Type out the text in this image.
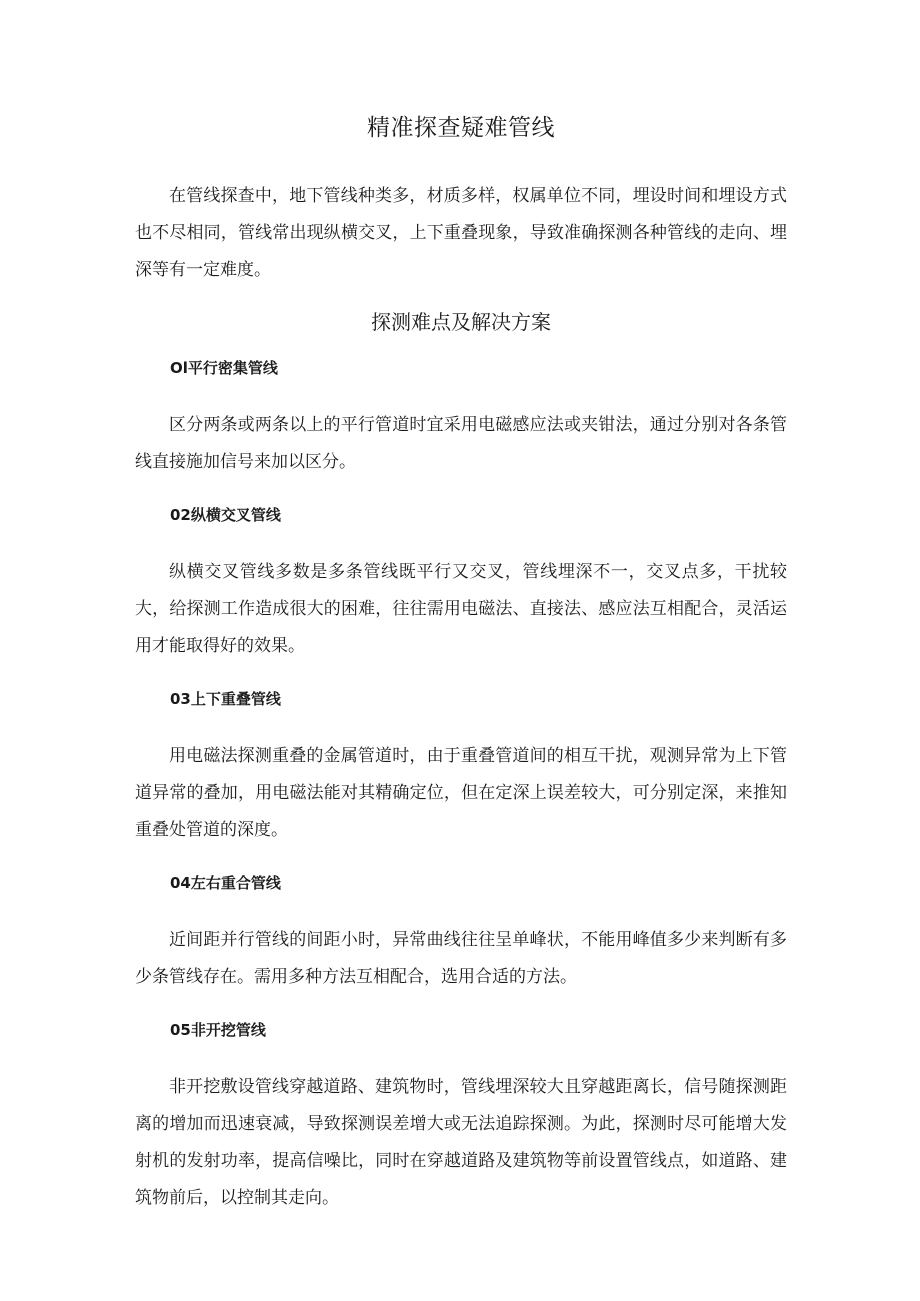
精准探查疑难管线

在管线探查中，地下管线种类多，材质多样，权属单位不同，埋设时间和埋设方式也不尽相同，管线常出现纵横交叉，上下重叠现象，导致准确探测各种管线的走向、埋深等有一定难度。

探测难点及解决方案
Ol平行密集管线

区分两条或两条以上的平行管道时宜采用电磁感应法或夹钳法，通过分别对各条管线直接施加信号来加以区分。

02纵横交叉管线

纵横交叉管线多数是多条管线既平行又交叉，管线埋深不一，交叉点多，干扰较大，给探测工作造成很大的困难，往往需用电磁法、直接法、感应法互相配合，灵活运用才能取得好的效果。

03上下重叠管线

用电磁法探测重叠的金属管道时，由于重叠管道间的相互干扰，观测异常为上下管道异常的叠加，用电磁法能对其精确定位，但在定深上误差较大，可分别定深，来推知重叠处管道的深度。

04左右重合管线

近间距并行管线的间距小时，异常曲线往往呈单峰状，不能用峰值多少来判断有多少条管线存在。需用多种方法互相配合，选用合适的方法。

05非开挖管线

非开挖敷设管线穿越道路、建筑物时，管线埋深较大且穿越距离长，信号随探测距离的增加而迅速衰减，导致探测误差增大或无法追踪探测。为此，探测时尽可能增大发射机的发射功率，提高信噪比，同时在穿越道路及建筑物等前设置管线点，如道路、建筑物前后，以控制其走向。
